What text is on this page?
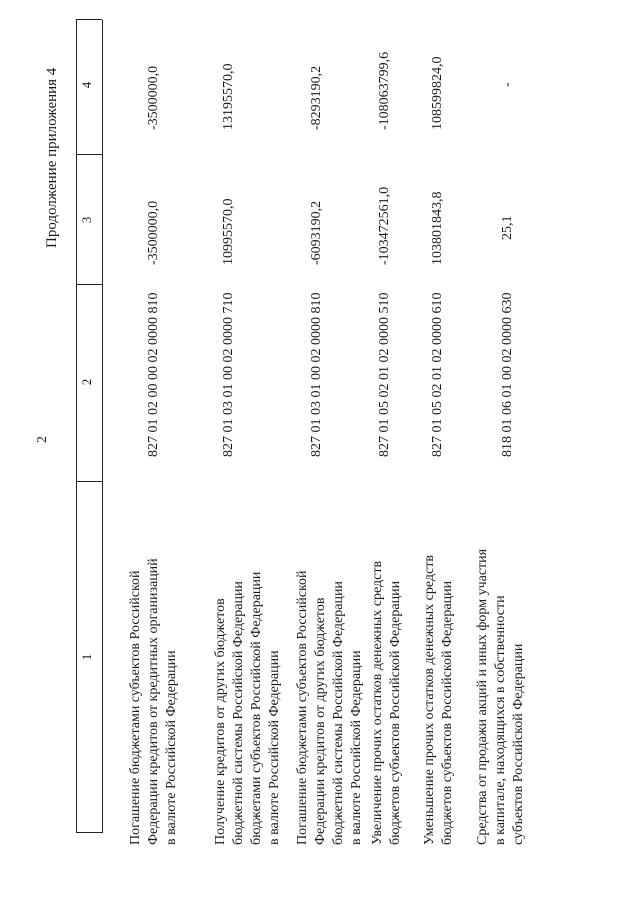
2
Продолжение приложения 4
1
2
3
4
Погашение бюджетами субъектов Российской Федерации кредитов от кредитных организаций в валюте Российской Федерации
827 01 02 00 00 02 0000 810
-3500000,0
-3500000,0
Получение кредитов от других бюджетов бюджетной системы Российской Федерации бюджетами субъектов Российской Федерации в валюте Российской Федерации
827 01 03 01 00 02 0000 710
10995570,0
13195570,0
Погашение бюджетами субъектов Российской Федерации кредитов от других бюджетов бюджетной системы Российской Федерации в валюте Российской Федерации
827 01 03 01 00 02 0000 810
-6093190,2
-8293190,2
Увеличение прочих остатков денежных средств бюджетов субъектов Российской Федерации
827 01 05 02 01 02 0000 510
-103472561,0
-108063799,6
Уменьшение прочих остатков денежных средств бюджетов субъектов Российской Федерации
827 01 05 02 01 02 0000 610
103801843,8
108599824,0
Средства от продажи акций и иных форм участия в капитале, находящихся в собственности субъектов Российской Федерации
818 01 06 01 00 02 0000 630
25,1
-
